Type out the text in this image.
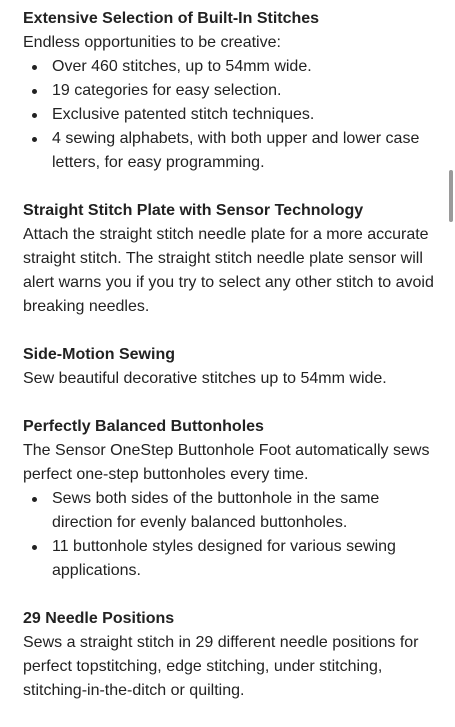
Extensive Selection of Built-In Stitches

Endless opportunities to be creative:

Over 460 stitches, up to 54mm wide.
19 categories for easy selection.
Exclusive patented stitch techniques.
4 sewing alphabets, with both upper and lower case letters, for easy programming.

Straight Stitch Plate with Sensor Technology

Attach the straight stitch needle plate for a more accurate straight stitch. The straight stitch needle plate sensor will alert warns you if you try to select any other stitch to avoid breaking needles.

Side-Motion Sewing

Sew beautiful decorative stitches up to 54mm wide.

Perfectly Balanced Buttonholes

The Sensor OneStep Buttonhole Foot automatically sews perfect one-step buttonholes every time.

Sews both sides of the buttonhole in the same direction for evenly balanced buttonholes.
11 buttonhole styles designed for various sewing applications.

29 Needle Positions

Sews a straight stitch in 29 different needle positions for perfect topstitching, edge stitching, under stitching, stitching-in-the-ditch or quilting.
